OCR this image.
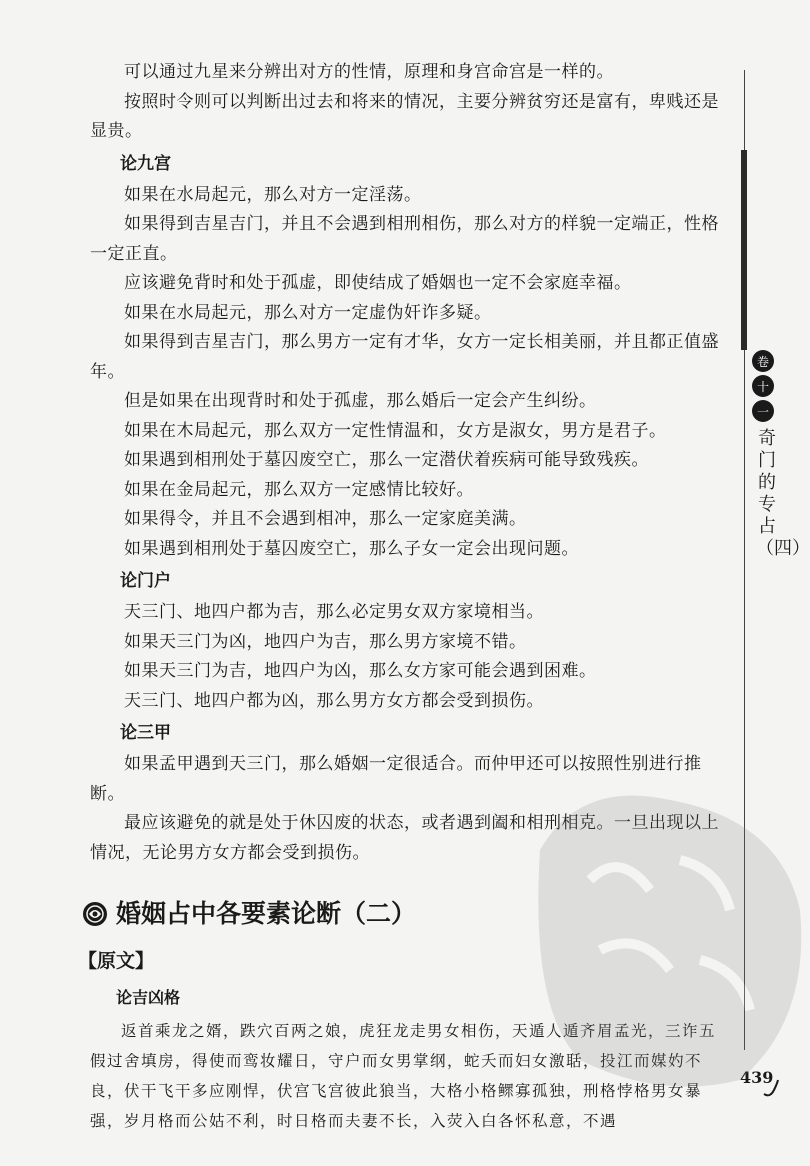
可以通过九星来分辨出对方的性情，原理和身宫命宫是一样的。

按照时令则可以判断出过去和将来的情况，主要分辨贫穷还是富有，卑贱还是显贵。

论九宫

如果在水局起元，那么对方一定淫荡。

如果得到吉星吉门，并且不会遇到相刑相伤，那么对方的样貌一定端正，性格一定正直。

应该避免背时和处于孤虚，即使结成了婚姻也一定不会家庭幸福。

如果在水局起元，那么对方一定虚伪奸诈多疑。

如果得到吉星吉门，那么男方一定有才华，女方一定长相美丽，并且都正值盛年。

但是如果在出现背时和处于孤虚，那么婚后一定会产生纠纷。

如果在木局起元，那么双方一定性情温和，女方是淑女，男方是君子。

如果遇到相刑处于墓囚废空亡，那么一定潜伏着疾病可能导致残疾。

如果在金局起元，那么双方一定感情比较好。

如果得令，并且不会遇到相冲，那么一定家庭美满。

如果遇到相刑处于墓囚废空亡，那么子女一定会出现问题。

论门户

天三门、地四户都为吉，那么必定男女双方家境相当。

如果天三门为凶，地四户为吉，那么男方家境不错。

如果天三门为吉，地四户为凶，那么女方家可能会遇到困难。

天三门、地四户都为凶，那么男方女方都会受到损伤。

论三甲

如果孟甲遇到天三门，那么婚姻一定很适合。而仲甲还可以按照性别进行推断。

最应该避免的就是处于休囚废的状态，或者遇到阖和相刑相克。一旦出现以上情况，无论男方女方都会受到损伤。

婚姻占中各要素论断（二）
【原文】
论吉凶格

返首乘龙之婿，跌穴百两之娘，虎狂龙走男女相伤，天遁人遁齐眉孟光，三诈五假过舍填房，得使而鸾妆耀日，守户而女男掌纲，蛇夭而妇女激聒，投江而媒妁不良，伏干飞干多应刚悍，伏宫飞宫彼此狼当，大格小格鳏寡孤独，刑格悖格男女暴强，岁月格而公姑不利，时日格而夫妻不长，入荧入白各怀私意，不遇

卷
十
一
奇门的专占（四）
439
